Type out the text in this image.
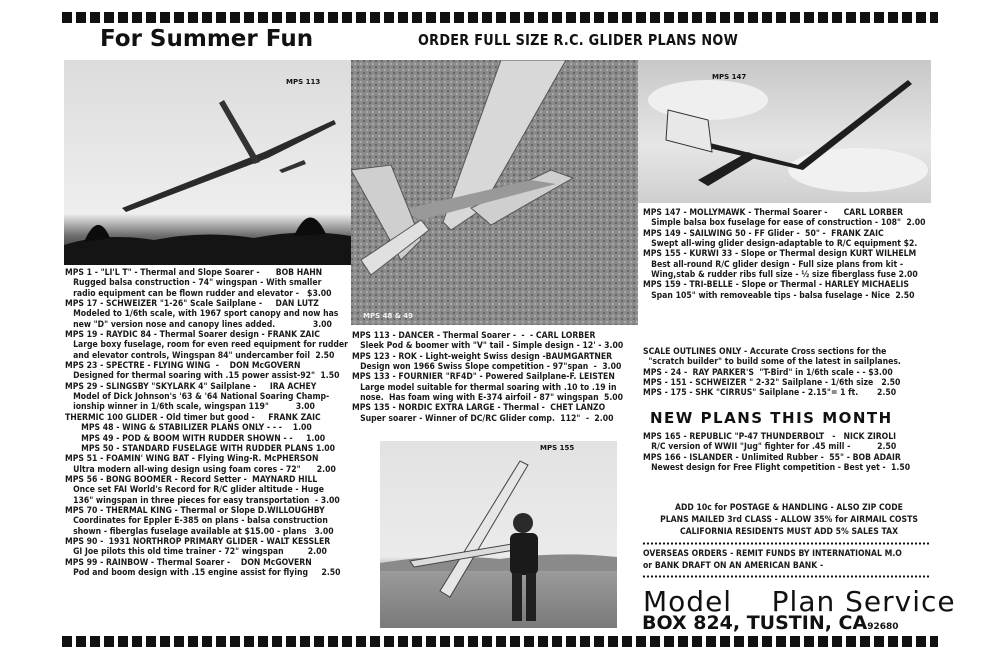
For Summer Fun	ORDER FULL SIZE R.C. GLIDER PLANS NOW
MPS 113
MPS 48 & 49
MPS 147
MPS 155
MPS 1 - "LI'L T" - Thermal and Slope Soarer -      BOB HAHN
Rugged balsa construction - 74" wingspan - With smaller
radio equipment can be flown rudder and elevator -   $3.00
MPS 17 - SCHWEIZER "1-26" Scale Sailplane -     DAN LUTZ
Modeled to 1/6th scale, with 1967 sport canopy and now has
new "D" version nose and canopy lines added.              3.00
MPS 19 - RAYDIC 84 - Thermal Soarer design - FRANK ZAIC
Large boxy fuselage, room for even reed equipment for rudder
and elevator controls, Wingspan 84" undercamber foil  2.50
MPS 23 - SPECTRE - FLYING WING  -    DON McGOVERN
Designed for thermal soaring with .15 power assist-92"  1.50
MPS 29 - SLINGSBY "SKYLARK 4" Sailplane -     IRA ACHEY
Model of Dick Johnson's '63 & '64 National Soaring Champ-
ionship winner in 1/6th scale, wingspan 119"          3.00
THERMIC 100 GLIDER - Old timer but good -     FRANK ZAIC
MPS 48 - WING & STABILIZER PLANS ONLY - - -    1.00
MPS 49 - POD & BOOM WITH RUDDER SHOWN - -     1.00
MPS 50 - STANDARD FUSELAGE WITH RUDDER PLANS 1.00
MPS 51 - FOAMIN' WING BAT - Flying Wing-R. McPHERSON
Ultra modern all-wing design using foam cores - 72"      2.00
MPS 56 - BONG BOOMER - Record Setter -  MAYNARD HILL
Once set FAI World's Record for R/C glider altitude - Huge
136" wingspan in three pieces for easy transportation  - 3.00
MPS 70 - THERMAL KING - Thermal or Slope D.WILLOUGHBY
Coordinates for Eppler E-385 on plans - balsa construction
shown - fiberglas fuselage available at $15.00 - plans   3.00
MPS 90 -  1931 NORTHROP PRIMARY GLIDER - WALT KESSLER
GI Joe pilots this old time trainer - 72" wingspan         2.00
MPS 99 - RAINBOW - Thermal Soarer -    DON McGOVERN
Pod and boom design with .15 engine assist for flying     2.50
MPS 113 - DANCER - Thermal Soarer -  -  - CARL LORBER
Sleek Pod & boomer with "V" tail - Simple design - 12' - 3.00
MPS 123 - ROK - Light-weight Swiss design -BAUMGARTNER
Design won 1966 Swiss Slope competition - 97"span  -  3.00
MPS 133 - FOURNIER "RF4D" - Powered Sailplane-F. LEISTEN
Large model suitable for thermal soaring with .10 to .19 in
nose.  Has foam wing with E-374 airfoil - 87" wingspan  5.00
MPS 135 - NORDIC EXTRA LARGE - Thermal -  CHET LANZO
Super soarer - Winner of DC/RC Glider comp.  112"  -  2.00
MPS 147 - MOLLYMAWK - Thermal Soarer -      CARL LORBER
Simple balsa box fuselage for ease of construction - 108"  2.00
MPS 149 - SAILWING 50 - FF Glider -  50" -  FRANK ZAIC
Swept all-wing glider design-adaptable to R/C equipment $2.
MPS 155 - KURWI 33 - Slope or Thermal design KURT WILHELM
Best all-round R/C glider design - Full size plans from kit -
Wing,stab & rudder ribs full size - ½ size fiberglass fuse 2.00
MPS 159 - TRI-BELLE - Slope or Thermal - HARLEY MICHAELIS
Span 105" with removeable tips - balsa fuselage - Nice  2.50
SCALE OUTLINES ONLY - Accurate Cross sections for the
"scratch builder" to build some of the latest in sailplanes.
MPS - 24 -  RAY PARKER'S  "T-Bird" in 1/6th scale - - $3.00
MPS - 151 - SCHWEIZER " 2-32" Sailplane - 1/6th size   2.50
MPS - 175 - SHK "CIRRUS" Sailplane - 2.15"= 1 ft.       2.50
NEW PLANS THIS MONTH
MPS 165 - REPUBLIC "P-47 THUNDERBOLT   -   NICK ZIROLI
R/C version of WWII "Jug" fighter for .45 mill -          2.50
MPS 166 - ISLANDER - Unlimited Rubber -  55" - BOB ADAIR
Newest design for Free Flight competition - Best yet -  1.50
ADD 10c for POSTAGE & HANDLING - ALSO ZIP CODE
PLANS MAILED 3rd CLASS - ALLOW 35% for AIRMAIL COSTS
CALIFORNIA RESIDENTS MUST ADD 5% SALES TAX
OVERSEAS ORDERS - REMIT FUNDS BY INTERNATIONAL M.O
or BANK DRAFT ON AN AMERICAN BANK -
Model    Plan Service
BOX 824, TUSTIN, CA92680
